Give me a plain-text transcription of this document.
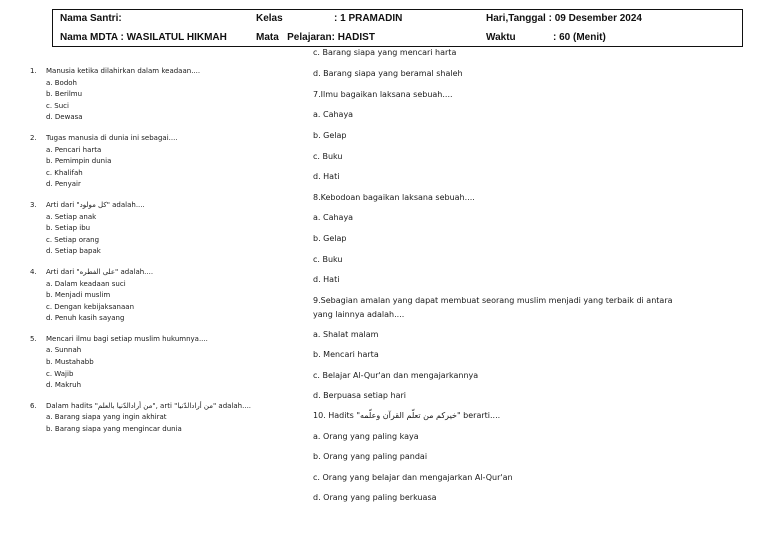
Nama Santri:	Kelas	: 1 PRAMADIN	Hari,Tanggal : 09 Desember 2024
Nama MDTA : WASILATUL HIKMAH	Mata   Pelajaran: HADIST	Waktu	: 60 (Menit)
1. Manusia ketika dilahirkan dalam keadaan....
a. Bodoh
b. Berilmu
c. Suci
d. Dewasa
2. Tugas manusia di dunia ini sebagai....
a. Pencari harta
b. Pemimpin dunia
c. Khalifah
d. Penyair
3. Arti dari "كل مولود" adalah....
a. Setiap anak
b. Setiap ibu
c. Setiap orang
d. Setiap bapak
4. Arti dari "على الفطره" adalah....
a. Dalam keadaan suci
b. Menjadi muslim
c. Dengan kebijaksanaan
d. Penuh kasih sayang
5. Mencari ilmu bagi setiap muslim hukumnya....
a. Sunnah
b. Mustahabb
c. Wajib
d. Makruh
6. Dalam hadits "من أرادالدّنيا بالعلم", arti "من أرادالدّنيا" adalah....
a. Barang siapa yang ingin akhirat
b. Barang siapa yang mengincar dunia
c. Barang siapa yang mencari harta
d. Barang siapa yang beramal shaleh
7.Ilmu bagaikan laksana sebuah....
a. Cahaya
b. Gelap
c. Buku
d. Hati
8.Kebodoan bagaikan laksana sebuah....
a. Cahaya
b. Gelap
c. Buku
d. Hati
9.Sebagian amalan yang dapat membuat seorang muslim menjadi yang terbaik di antara yang lainnya adalah....
a. Shalat malam
b. Mencari harta
c. Belajar Al-Qur'an dan mengajarkannya
d. Berpuasa setiap hari
10. Hadits "خيركم من تعلّم القرآن وعلّمه" berarti....
a. Orang yang paling kaya
b. Orang yang paling pandai
c. Orang yang belajar dan mengajarkan Al-Qur'an
d. Orang yang paling berkuasa
